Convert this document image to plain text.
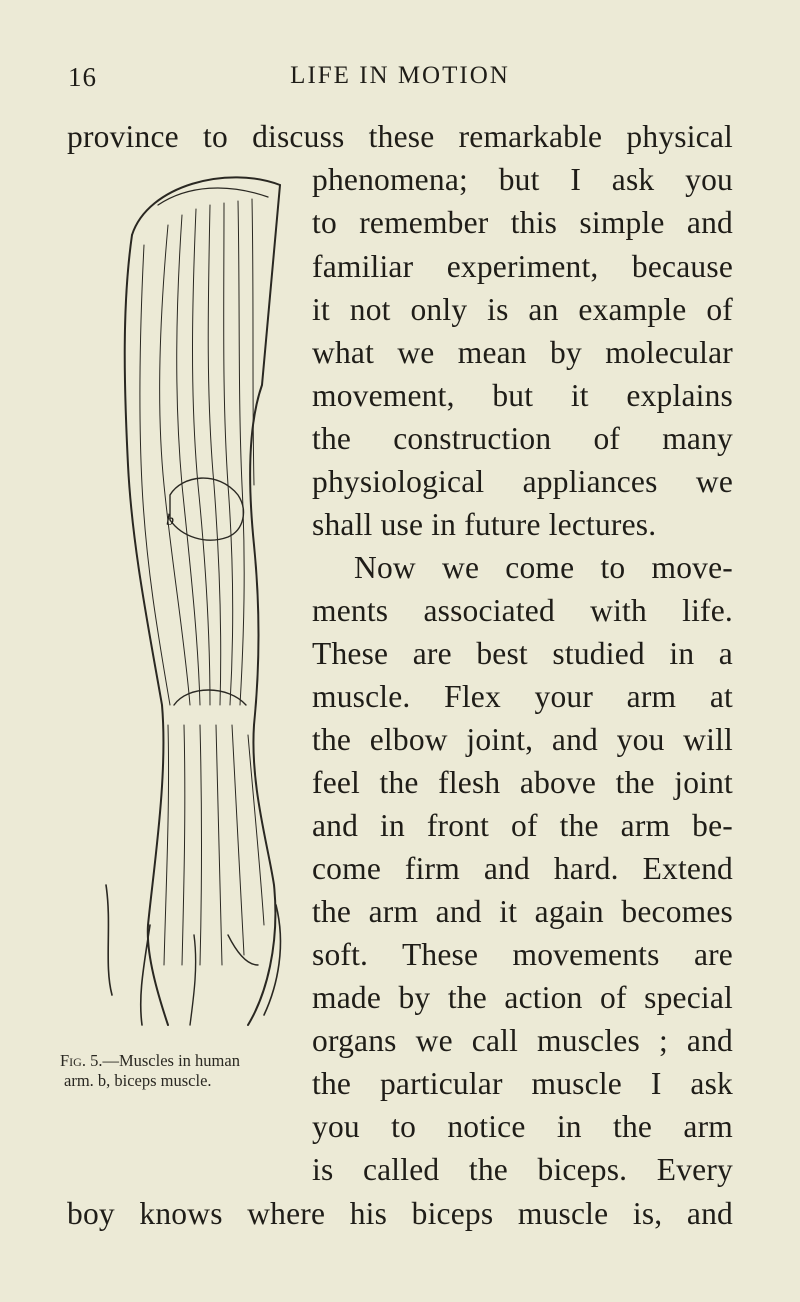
16	LIFE IN MOTION
province to discuss these remarkable physical
phenomena; but I ask you
to remember this simple and
familiar experiment, because
it not only is an example of
what we mean by molecular
movement, but it explains
the construction of many
physiological appliances we
shall use in future lectures.
Now we come to move-
ments associated with life.
These are best studied in a
muscle. Flex your arm at
the elbow joint, and you will
feel the flesh above the joint
and in front of the arm be-
come firm and hard. Extend
the arm and it again becomes
soft. These movements are
made by the action of special
organs we call muscles ; and
the particular muscle I ask
you to notice in the arm
is called the biceps. Every
boy knows where his biceps muscle is, and
b
Fig. 5.—Muscles in human
arm. b, biceps muscle.
